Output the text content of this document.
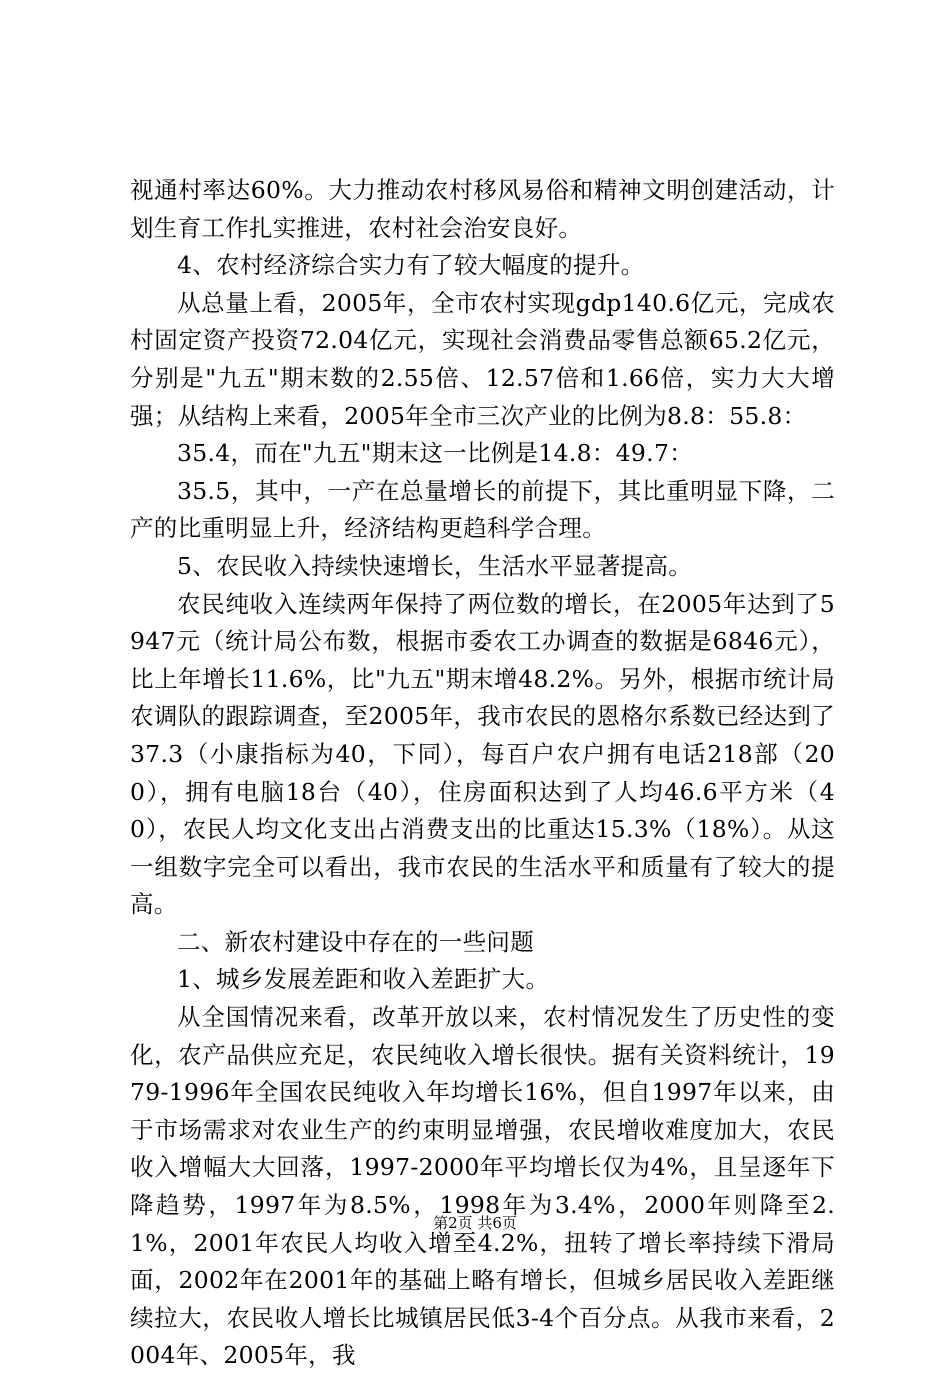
视通村率达60%。大力推动农村移风易俗和精神文明创建活动，计划生育工作扎实推进，农村社会治安良好。

4、农村经济综合实力有了较大幅度的提升。

从总量上看，2005年，全市农村实现gdp140.6亿元，完成农村固定资产投资72.04亿元，实现社会消费品零售总额65.2亿元，分别是"九五"期末数的2.55倍、12.57倍和1.66倍，实力大大增强；从结构上来看，2005年全市三次产业的比例为8.8：55.8：

35.4，而在"九五"期末这一比例是14.8：49.7：

35.5，其中，一产在总量增长的前提下，其比重明显下降，二产的比重明显上升，经济结构更趋科学合理。

5、农民收入持续快速增长，生活水平显著提高。

农民纯收入连续两年保持了两位数的增长，在2005年达到了5947元（统计局公布数，根据市委农工办调查的数据是6846元），比上年增长11.6%，比"九五"期末增48.2%。另外，根据市统计局农调队的跟踪调查，至2005年，我市农民的恩格尔系数已经达到了37.3（小康指标为40，下同），每百户农户拥有电话218部（200），拥有电脑18台（40），住房面积达到了人均46.6平方米（40），农民人均文化支出占消费支出的比重达15.3%（18%）。从这一组数字完全可以看出，我市农民的生活水平和质量有了较大的提高。

二、新农村建设中存在的一些问题

1、城乡发展差距和收入差距扩大。

从全国情况来看，改革开放以来，农村情况发生了历史性的变化，农产品供应充足，农民纯收入增长很快。据有关资料统计，1979-1996年全国农民纯收入年均增长16%，但自1997年以来，由于市场需求对农业生产的约束明显增强，农民增收难度加大，农民收入增幅大大回落，1997-2000年平均增长仅为4%，且呈逐年下降趋势，1997年为8.5%，1998年为3.4%，2000年则降至2.1%，2001年农民人均收入增至4.2%，扭转了增长率持续下滑局面，2002年在2001年的基础上略有增长，但城乡居民收入差距继续拉大，农民收人增长比城镇居民低3-4个百分点。从我市来看，2004年、2005年，我

第2页 共6页
